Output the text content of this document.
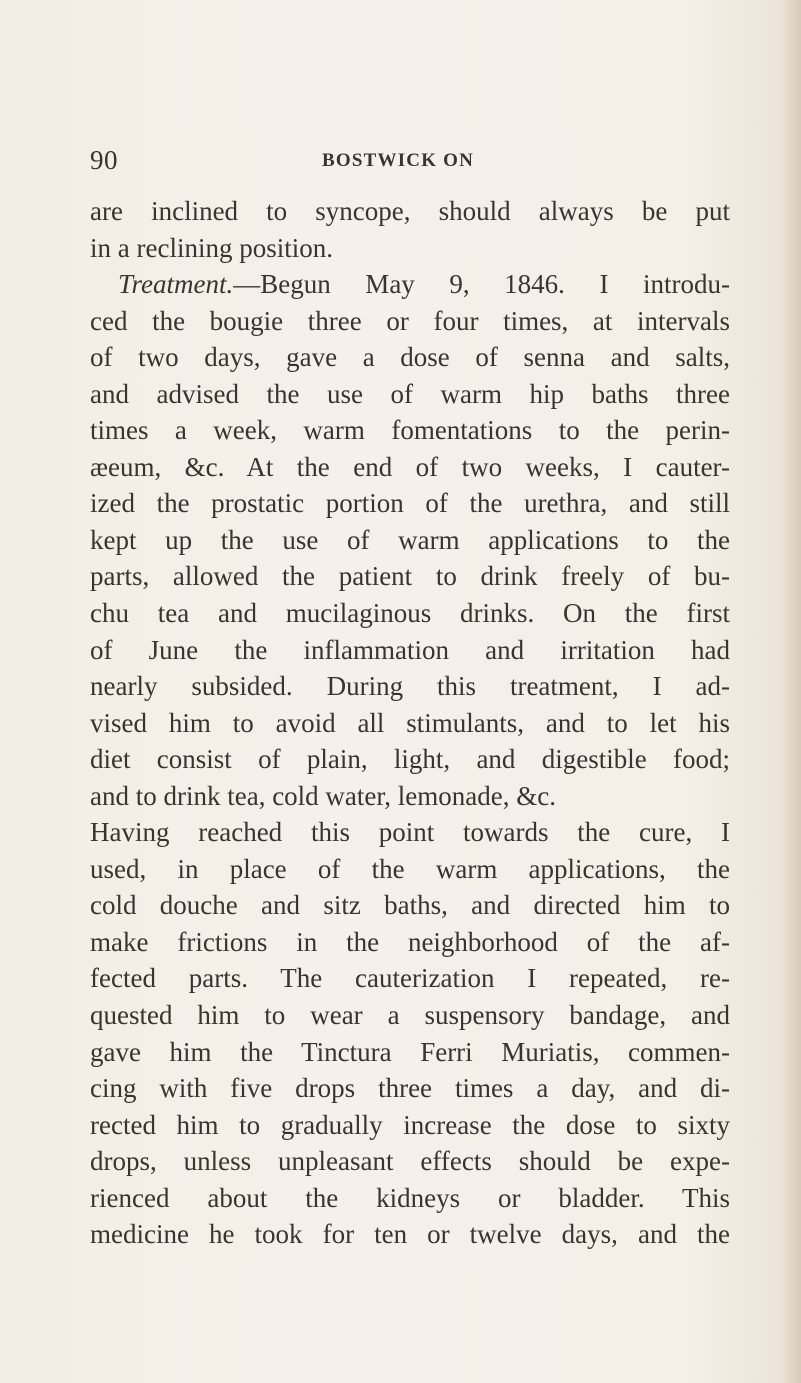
90	BOSTWICK ON
are inclined to syncope, should always be put
in a reclining position.
Treatment.—Begun May 9, 1846. I introdu-
ced the bougie three or four times, at intervals
of two days, gave a dose of senna and salts,
and advised the use of warm hip baths three
times a week, warm fomentations to the perin-
æeum, &c. At the end of two weeks, I cauter-
ized the prostatic portion of the urethra, and still
kept up the use of warm applications to the
parts, allowed the patient to drink freely of bu-
chu tea and mucilaginous drinks. On the first
of June the inflammation and irritation had
nearly subsided. During this treatment, I ad-
vised him to avoid all stimulants, and to let his
diet consist of plain, light, and digestible food;
and to drink tea, cold water, lemonade, &c.
Having reached this point towards the cure, I
used, in place of the warm applications, the
cold douche and sitz baths, and directed him to
make frictions in the neighborhood of the af-
fected parts. The cauterization I repeated, re-
quested him to wear a suspensory bandage, and
gave him the Tinctura Ferri Muriatis, commen-
cing with five drops three times a day, and di-
rected him to gradually increase the dose to sixty
drops, unless unpleasant effects should be expe-
rienced about the kidneys or bladder. This
medicine he took for ten or twelve days, and the
